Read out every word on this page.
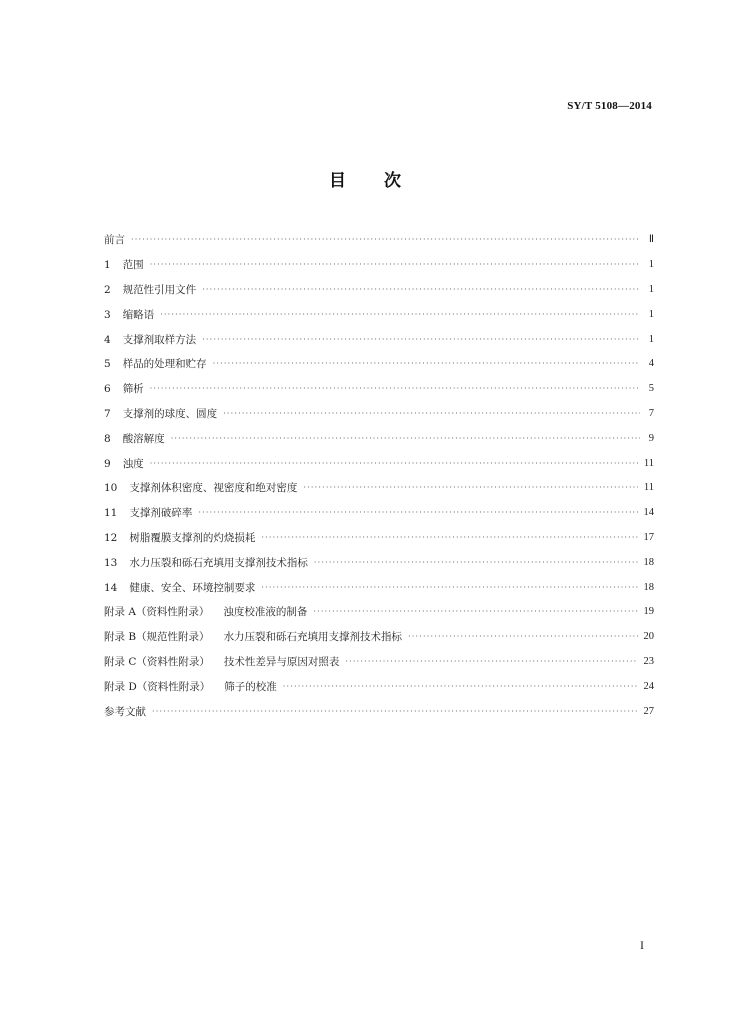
SY/T 5108—2014
目 次
前言 ·····	Ⅱ
1 范围 ·····	1
2 规范性引用文件 ·····	1
3 缩略语 ·····	1
4 支撑剂取样方法 ·····	1
5 样品的处理和贮存 ·····	4
6 筛析 ·····	5
7 支撑剂的球度、圆度 ·····	7
8 酸溶解度 ·····	9
9 浊度 ·····	11
10 支撑剂体积密度、视密度和绝对密度 ·····	11
11 支撑剂破碎率 ·····	14
12 树脂覆膜支撑剂的灼烧损耗 ·····	17
13 水力压裂和砾石充填用支撑剂技术指标 ·····	18
14 健康、安全、环境控制要求 ·····	18
附录 A（资料性附录） 浊度校准液的制备 ·····	19
附录 B（规范性附录） 水力压裂和砾石充填用支撑剂技术指标 ·····	20
附录 C（资料性附录） 技术性差异与原因对照表 ·····	23
附录 D（资料性附录） 筛子的校准 ·····	24
参考文献 ·····	27
I
